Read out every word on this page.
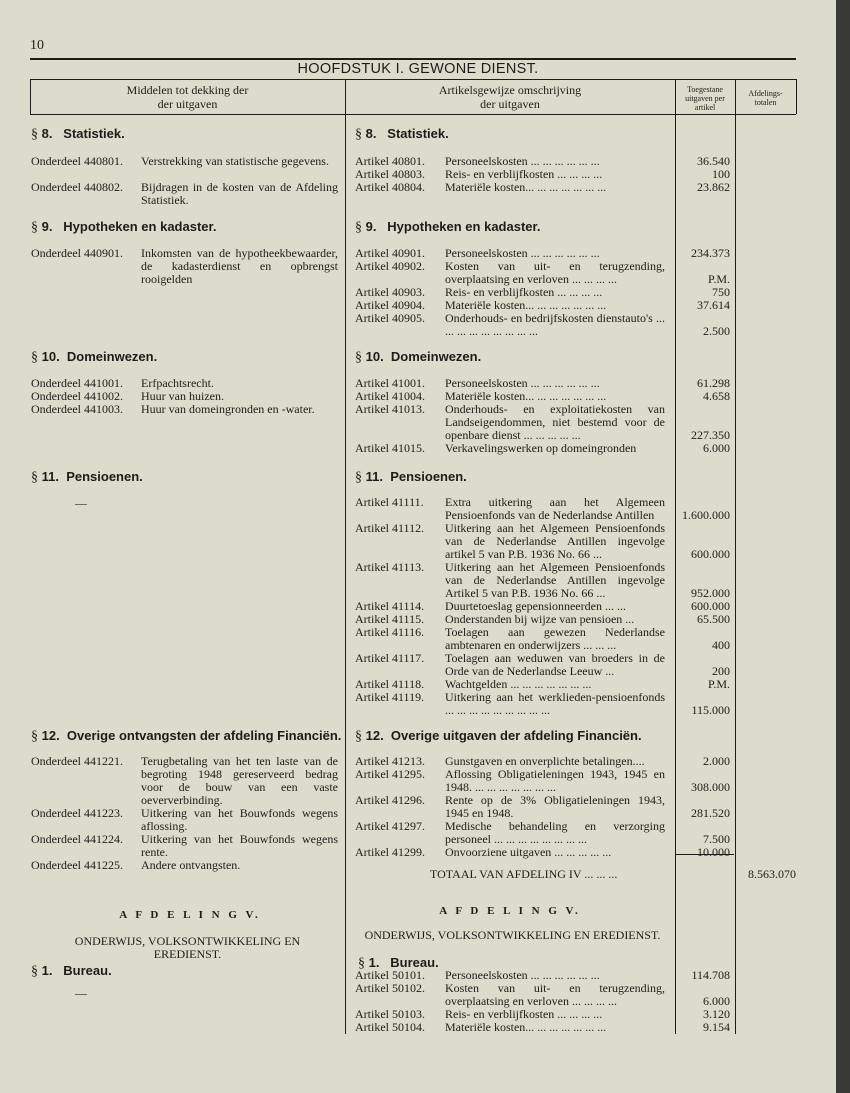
10
HOOFDSTUK I. GEWONE DIENST.
Middelen tot dekking der
der uitgaven
Artikelsgewijze omschrijving
der uitgaven
Toegestane
uitgaven per
artikel
Afdelings-
totalen
§ 8.   Statistiek.
Onderdeel 440801. Verstrekking van statistische gegevens.
Onderdeel 440802. Bijdragen in de kosten van de Afdeling Statistiek.
§ 9.   Hypotheken en kadaster.
Onderdeel 440901. Inkomsten van de hypotheekbewaarder, de kadasterdienst en opbrengst rooigelden
§ 10.  Domeinwezen.
Onderdeel 441001. Erfpachtsrecht.
Onderdeel 441002. Huur van huizen.
Onderdeel 441003. Huur van domeingronden en -water.
§ 11.  Pensioenen.
—
§ 12.  Overige ontvangsten der afdeling Financiën.
Onderdeel 441221. Terugbetaling van het ten laste van de begroting 1948 gereserveerd bedrag voor de bouw van een vaste oeververbinding.
Onderdeel 441223. Uitkering van het Bouwfonds wegens aflossing.
Onderdeel 441224. Uitkering van het Bouwfonds wegens rente.
Onderdeel 441225. Andere ontvangsten.
A F D E L I N G V.
ONDERWIJS, VOLKSONTWIKKELING EN EREDIENST.
§ 1.   Bureau.
—
§ 8.   Statistiek.
§ 9.   Hypotheken en kadaster.
§ 10.  Domeinwezen.
§ 11.  Pensioenen.
§ 12.  Overige uitgaven der afdeling Financiën.
TOTAAL VAN AFDELING IV ... ... ...	8.563.070
A F D E L I N G V.
ONDERWIJS, VOLKSONTWIKKELING EN EREDIENST.
§ 1.   Bureau.
Artikel 40801. Personeelskosten ... ... ... ... ... ...	36.540
Artikel 40803. Reis- en verblijfkosten ... ... ... ...	100
Artikel 40804. Materiële kosten... ... ... ... ... ... ...	23.862
Artikel 40901. Personeelskosten ... ... ... ... ... ...	234.373
Artikel 40902. Kosten van uit- en terugzending, overplaatsing en verloven ... ... ... ...	P.M.
Artikel 40903. Reis- en verblijfkosten ... ... ... ...	750
Artikel 40904. Materiële kosten... ... ... ... ... ... ...	37.614
Artikel 40905. Onderhouds- en bedrijfskosten dienstauto's ... ... ... ... ... ... ... ... ...	2.500
Artikel 41001. Personeelskosten ... ... ... ... ... ...	61.298
Artikel 41004. Materiële kosten... ... ... ... ... ... ...	4.658
Artikel 41013. Onderhouds- en exploitatiekosten van Landseigendommen, niet bestemd voor de openbare dienst ... ... ... ... ...	227.350
Artikel 41015. Verkavelingswerken op domeingronden	6.000
Artikel 41111. Extra uitkering aan het Algemeen Pensioenfonds van de Nederlandse Antillen	1.600.000
Artikel 41112. Uitkering aan het Algemeen Pensioenfonds van de Nederlandse Antillen ingevolge artikel 5 van P.B. 1936 No. 66 ...	600.000
Artikel 41113. Uitkering aan het Algemeen Pensioenfonds van de Nederlandse Antillen ingevolge Artikel 5 van P.B. 1936 No. 66 ...	952.000
Artikel 41114. Duurtetoeslag gepensionneerden ... ...	600.000
Artikel 41115. Onderstanden bij wijze van pensioen ...	65.500
Artikel 41116. Toelagen aan gewezen Nederlandse ambtenaren en onderwijzers ... ... ...	400
Artikel 41117. Toelagen aan weduwen van broeders in de Orde van de Nederlandse Leeuw ...	200
Artikel 41118. Wachtgelden ... ... ... ... ... ... ...	P.M.
Artikel 41119. Uitkering aan het werklieden-pensioenfonds ... ... ... ... ... ... ... ... ...	115.000
Artikel 41213. Gunstgaven en onverplichte betalingen....	2.000
Artikel 41295. Aflossing Obligatieleningen 1943, 1945 en 1948. ... ... ... ... ... ... ...	308.000
Artikel 41296. Rente op de 3% Obligatieleningen 1943, 1945 en 1948.	281.520
Artikel 41297. Medische behandeling en verzorging personeel ... ... ... ... ... ... ... ...	7.500
Artikel 41299. Onvoorziene uitgaven ... ... ... ... ...	10.000
Artikel 50101. Personeelskosten ... ... ... ... ... ...	114.708
Artikel 50102. Kosten van uit- en terugzending, overplaatsing en verloven ... ... ... ...	6.000
Artikel 50103. Reis- en verblijfkosten ... ... ... ...	3.120
Artikel 50104. Materiële kosten... ... ... ... ... ... ...	9.154
